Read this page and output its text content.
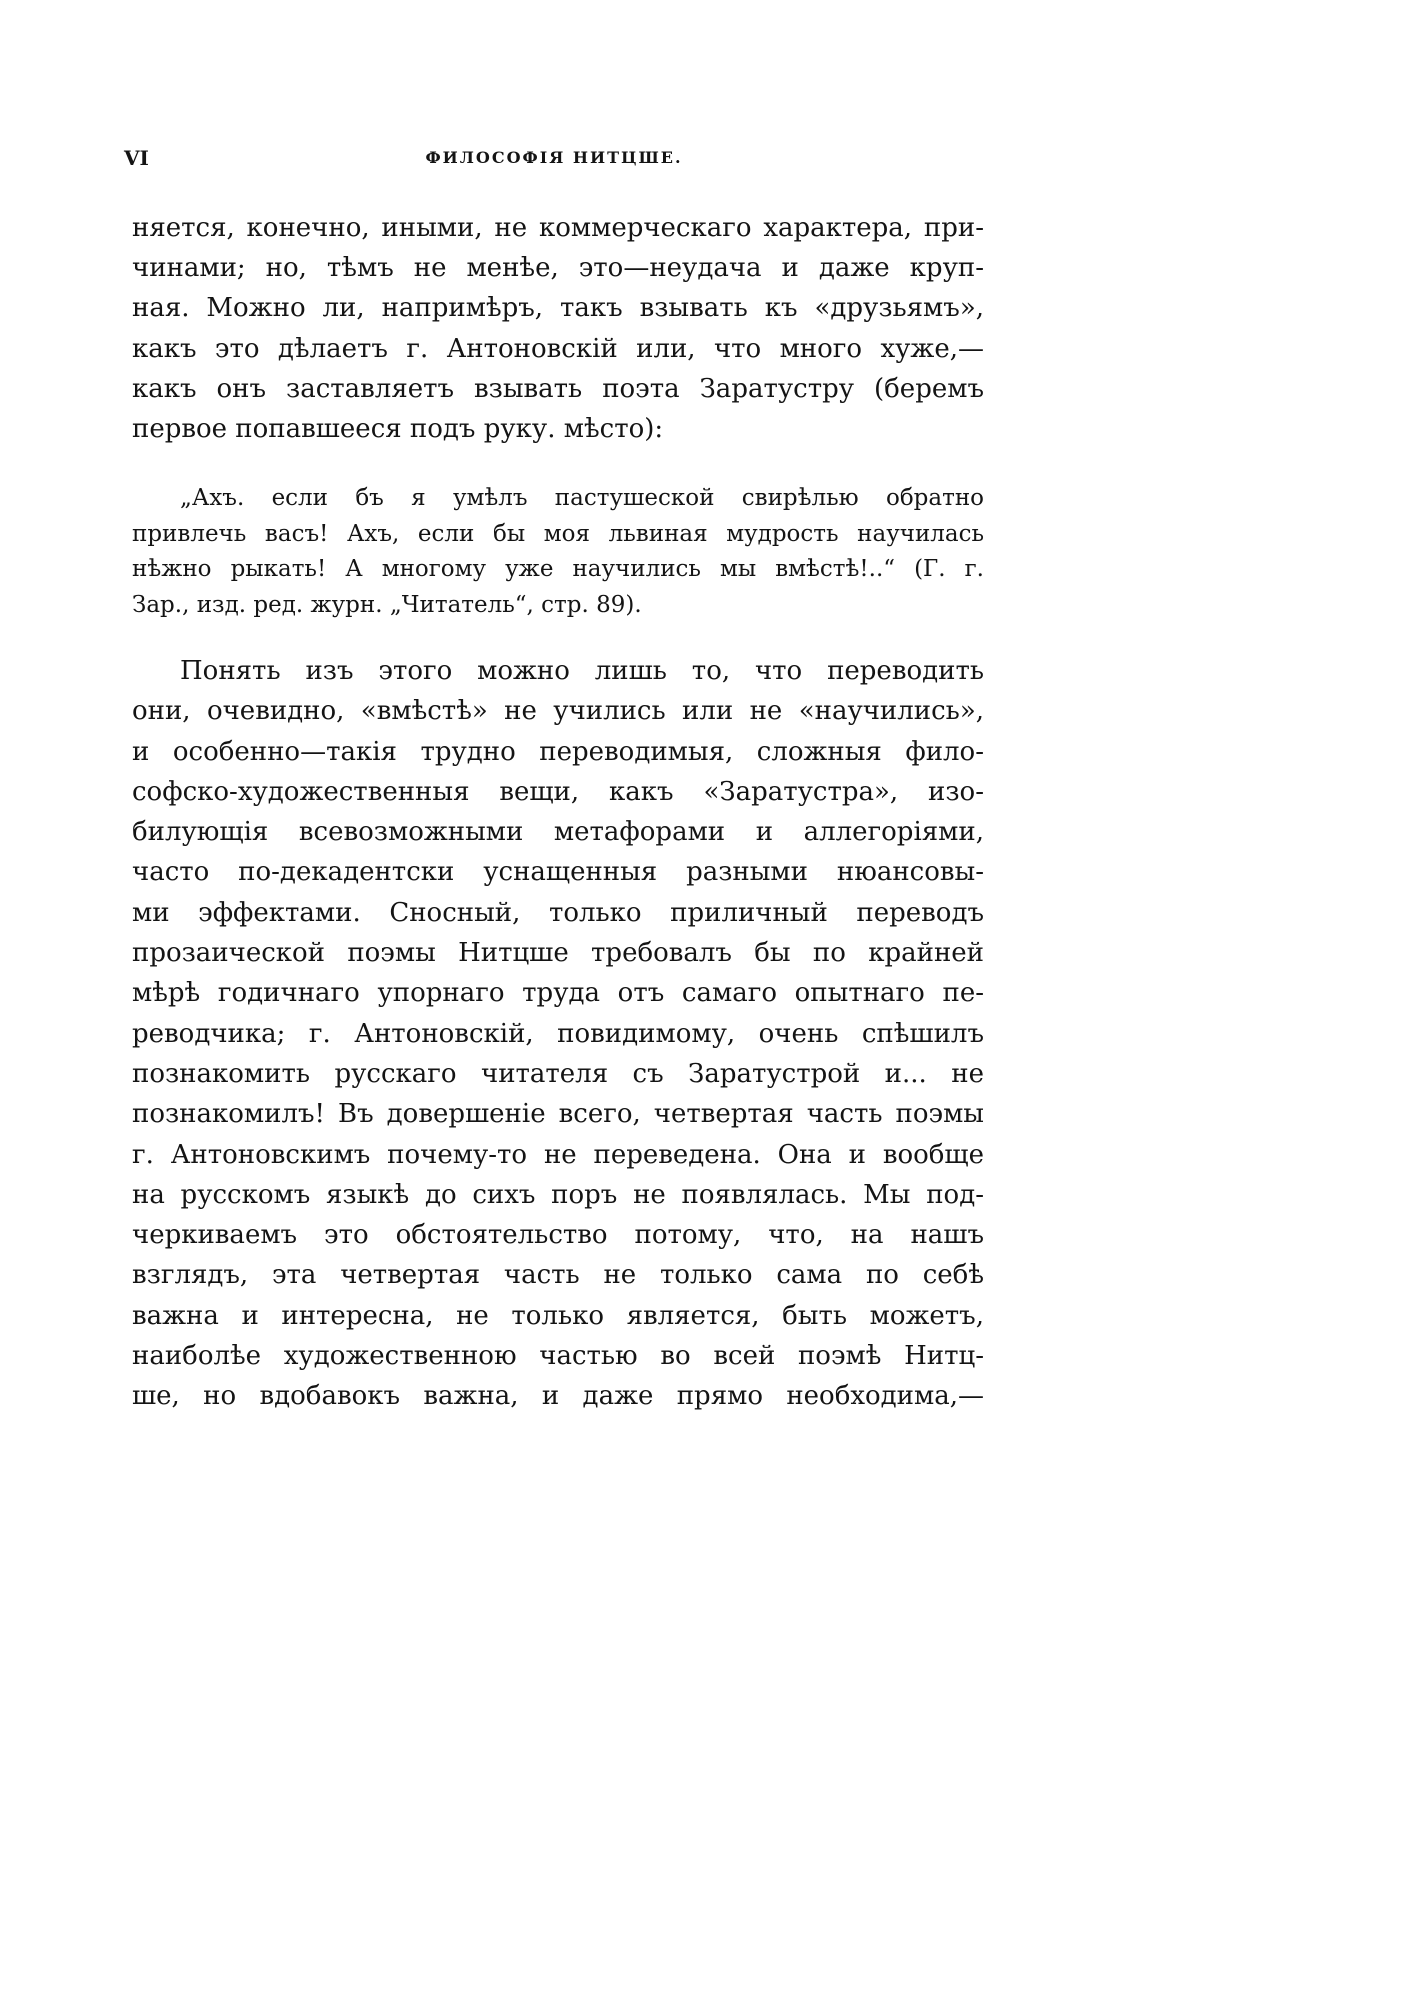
VI	ФИЛОСОФІЯ НИТЦШЕ.
няется, конечно, иными, не коммерческаго характера, при-
чинами; но, тѣмъ не менѣе, это—неудача и даже круп-
ная. Можно ли, напримѣръ, такъ взывать къ «друзьямъ»,
какъ это дѣлаетъ г. Антоновскій или, что много хуже,—
какъ онъ заставляетъ взывать поэта Заратустру (беремъ
первое попавшееся подъ руку. мѣсто):
„Ахъ. если бъ я умѣлъ пастушеской свирѣлью обратно
привлечь васъ! Ахъ, если бы моя львиная мудрость научилась
нѣжно рыкать! А многому уже научились мы вмѣстѣ!..“ (Г. г.
Зар., изд. ред. журн. „Читатель“, стр. 89).
Понять изъ этого можно лишь то, что переводить
они, очевидно, «вмѣстѣ» не учились или не «научились»,
и особенно—такія трудно переводимыя, сложныя фило-
софско-художественныя вещи, какъ «Заратустра», изо-
билующія всевозможными метафорами и аллегоріями,
часто по-декадентски уснащенныя разными нюансовы-
ми эффектами. Сносный, только приличный переводъ
прозаической поэмы Нитцше требовалъ бы по крайней
мѣрѣ годичнаго упорнаго труда отъ самаго опытнаго пе-
реводчика; г. Антоновскій, повидимому, очень спѣшилъ
познакомить русскаго читателя съ Заратустрой и... не
познакомилъ! Въ довершеніе всего, четвертая часть поэмы
г. Антоновскимъ почему-то не переведена. Она и вообще
на русскомъ языкѣ до сихъ поръ не появлялась. Мы под-
черкиваемъ это обстоятельство потому, что, на нашъ
взглядъ, эта четвертая часть не только сама по себѣ
важна и интересна, не только является, быть можетъ,
наиболѣе художественною частью во всей поэмѣ Нитц-
ше, но вдобавокъ важна, и даже прямо необходима,—
